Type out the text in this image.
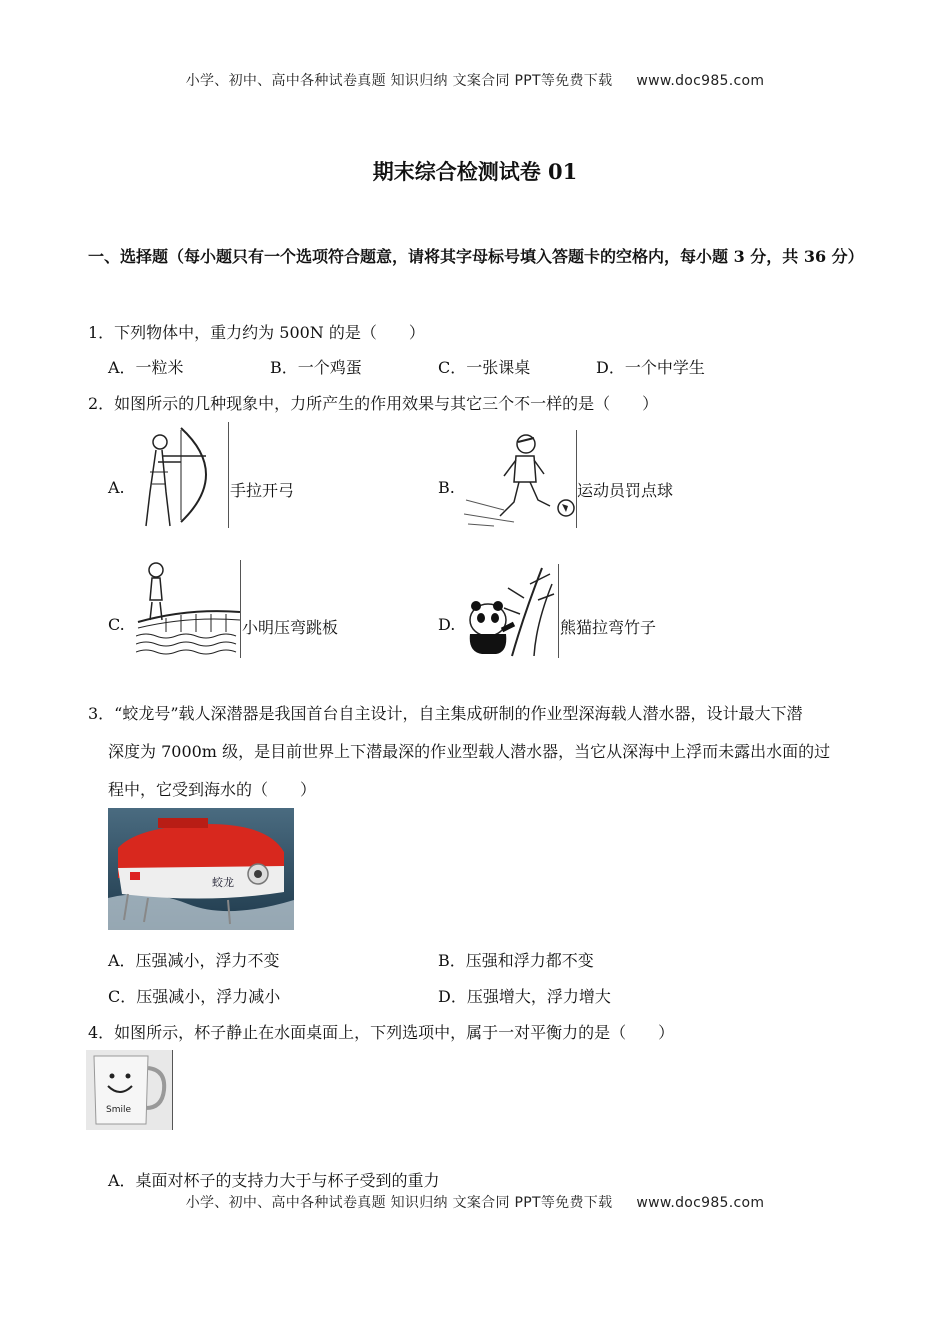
小学、初中、高中各种试卷真题 知识归纳 文案合同 PPT等免费下载 www.doc985.com
期末综合检测试卷 01
一、选择题（每小题只有一个选项符合题意，请将其字母标号填入答题卡的空格内，每小题 3 分，共 36 分）
1．下列物体中，重力约为 500N 的是（　　）
A．一粒米	B．一个鸡蛋	C．一张课桌	D．一个中学生
2．如图所示的几种现象中，力所产生的作用效果与其它三个不一样的是（　　）
A.	手拉开弓	B.	运动员罚点球
C.	小明压弯跳板	D.	熊猫拉弯竹子
3．“蛟龙号”载人深潜器是我国首台自主设计，自主集成研制的作业型深海载人潜水器，设计最大下潜
深度为 7000m 级，是目前世界上下潜最深的作业型载人潜水器，当它从深海中上浮而未露出水面的过
程中，它受到海水的（　　）
蛟龙
A．压强减小，浮力不变	B．压强和浮力都不变
C．压强减小，浮力减小	D．压强增大，浮力增大
4．如图所示，杯子静止在水面桌面上，下列选项中，属于一对平衡力的是（　　）
Smile
A．桌面对杯子的支持力大于与杯子受到的重力
小学、初中、高中各种试卷真题 知识归纳 文案合同 PPT等免费下载 www.doc985.com
